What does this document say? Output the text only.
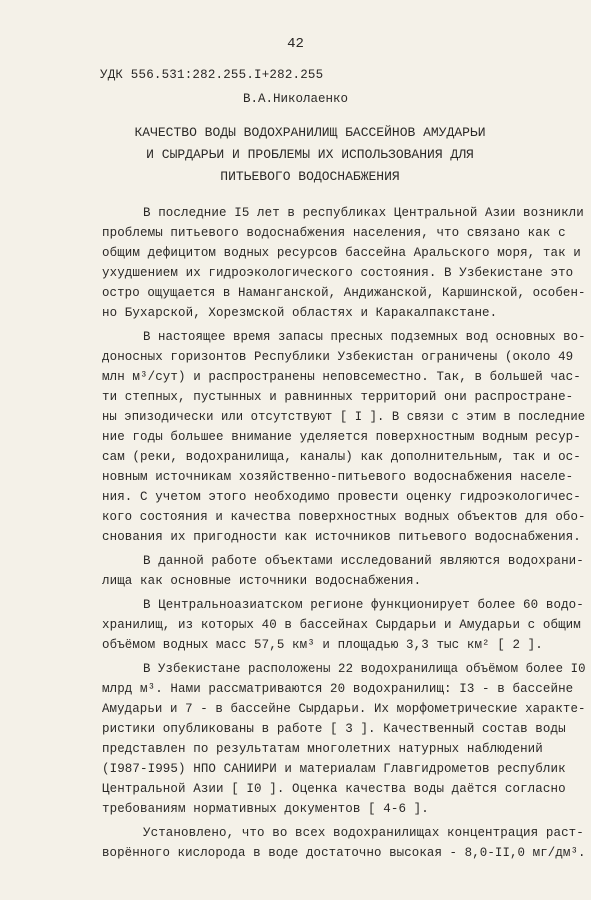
42
УДК 556.531:282.255.I+282.255
В.А.Николаенко
КАЧЕСТВО ВОДЫ ВОДОХРАНИЛИЩ БАССЕЙНОВ АМУДАРЬИ
И СЫРДАРЬИ И ПРОБЛЕМЫ ИХ ИСПОЛЬЗОВАНИЯ ДЛЯ
ПИТЬЕВОГО ВОДОСНАБЖЕНИЯ
В последние I5 лет в республиках Центральной Азии возникли
проблемы питьевого водоснабжения населения, что связано как с
общим дефицитом водных ресурсов бассейна Аральского моря, так и
ухудшением их гидроэкологического состояния. В Узбекистане это
остро ощущается в Наманганской, Андижанской, Каршинской, особен-
но Бухарской, Хорезмской областях и Каракалпакстане.
В настоящее время запасы пресных подземных вод основных во-
доносных горизонтов Республики Узбекистан ограничены (около 49
млн м³/сут) и распространены неповсеместно. Так, в большей час-
ти степных, пустынных и равнинных территорий они распростране-
ны эпизодически или отсутствуют [ I ]. В связи с этим в последние
ние годы большее внимание уделяется поверхностным водным ресур-
сам (реки, водохранилища, каналы) как дополнительным, так и ос-
новным источникам хозяйственно-питьевого водоснабжения населе-
ния. С учетом этого необходимо провести оценку гидроэкологичес-
кого состояния и качества поверхностных водных объектов для обо-
снования их пригодности как источников питьевого водоснабжения.
В данной работе объектами исследований являются водохрани-
лища как основные источники водоснабжения.
В Центральноазиатском регионе функционирует более 60 водо-
хранилищ, из которых 40 в бассейнах Сырдарьи и Амударьи с общим
объёмом водных масс 57,5 км³ и площадью 3,3 тыс км² [ 2 ].
В Узбекистане расположены 22 водохранилища объёмом более I0
млрд м³. Нами рассматриваются 20 водохранилищ: I3 - в бассейне
Амударьи и 7 - в бассейне Сырдарьи. Их морфометрические характе-
ристики опубликованы в работе [ 3 ]. Качественный состав воды
представлен по результатам многолетних натурных наблюдений
(I987-I995) НПО САНИИРИ и материалам Главгидрометов республик
Центральной Азии [ I0 ]. Оценка качества воды даётся согласно
требованиям нормативных документов [ 4-6 ].
Установлено, что во всех водохранилищах концентрация раст-
ворённого кислорода в воде достаточно высокая - 8,0-II,0 мг/дм³.
